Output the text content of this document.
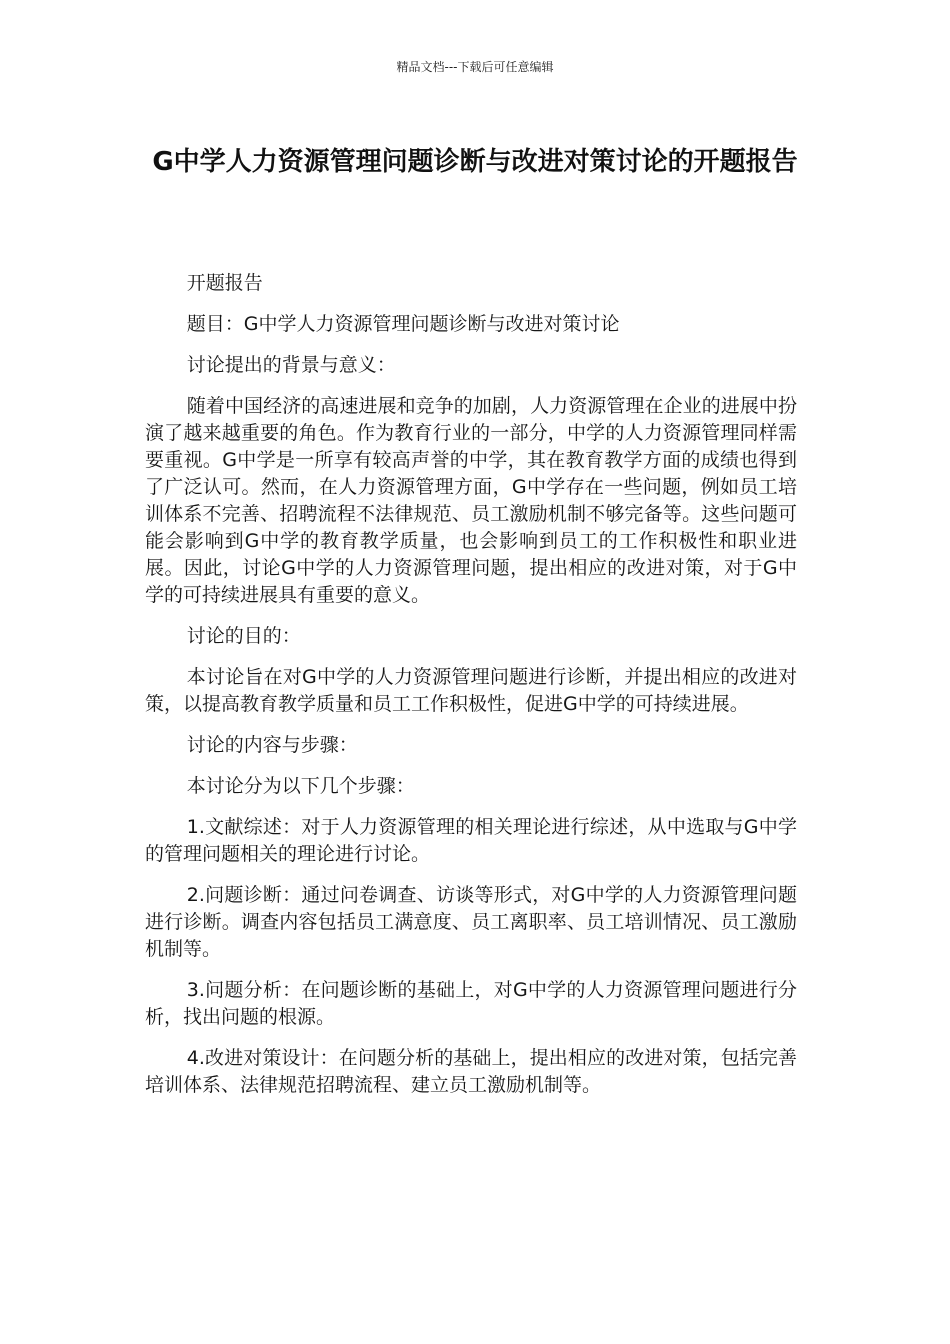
精品文档---下载后可任意编辑
G中学人力资源管理问题诊断与改进对策讨论的开题报告

开题报告

题目：G中学人力资源管理问题诊断与改进对策讨论

讨论提出的背景与意义：

随着中国经济的高速进展和竞争的加剧，人力资源管理在企业的进展中扮演了越来越重要的角色。作为教育行业的一部分，中学的人力资源管理同样需要重视。G中学是一所享有较高声誉的中学，其在教育教学方面的成绩也得到了广泛认可。然而，在人力资源管理方面，G中学存在一些问题，例如员工培训体系不完善、招聘流程不法律规范、员工激励机制不够完备等。这些问题可能会影响到G中学的教育教学质量，也会影响到员工的工作积极性和职业进展。因此，讨论G中学的人力资源管理问题，提出相应的改进对策，对于G中学的可持续进展具有重要的意义。

讨论的目的：

本讨论旨在对G中学的人力资源管理问题进行诊断，并提出相应的改进对策，以提高教育教学质量和员工工作积极性，促进G中学的可持续进展。

讨论的内容与步骤：

本讨论分为以下几个步骤：

1.文献综述：对于人力资源管理的相关理论进行综述，从中选取与G中学的管理问题相关的理论进行讨论。

2.问题诊断：通过问卷调查、访谈等形式，对G中学的人力资源管理问题进行诊断。调查内容包括员工满意度、员工离职率、员工培训情况、员工激励机制等。

3.问题分析：在问题诊断的基础上，对G中学的人力资源管理问题进行分析，找出问题的根源。

4.改进对策设计：在问题分析的基础上，提出相应的改进对策，包括完善培训体系、法律规范招聘流程、建立员工激励机制等。
